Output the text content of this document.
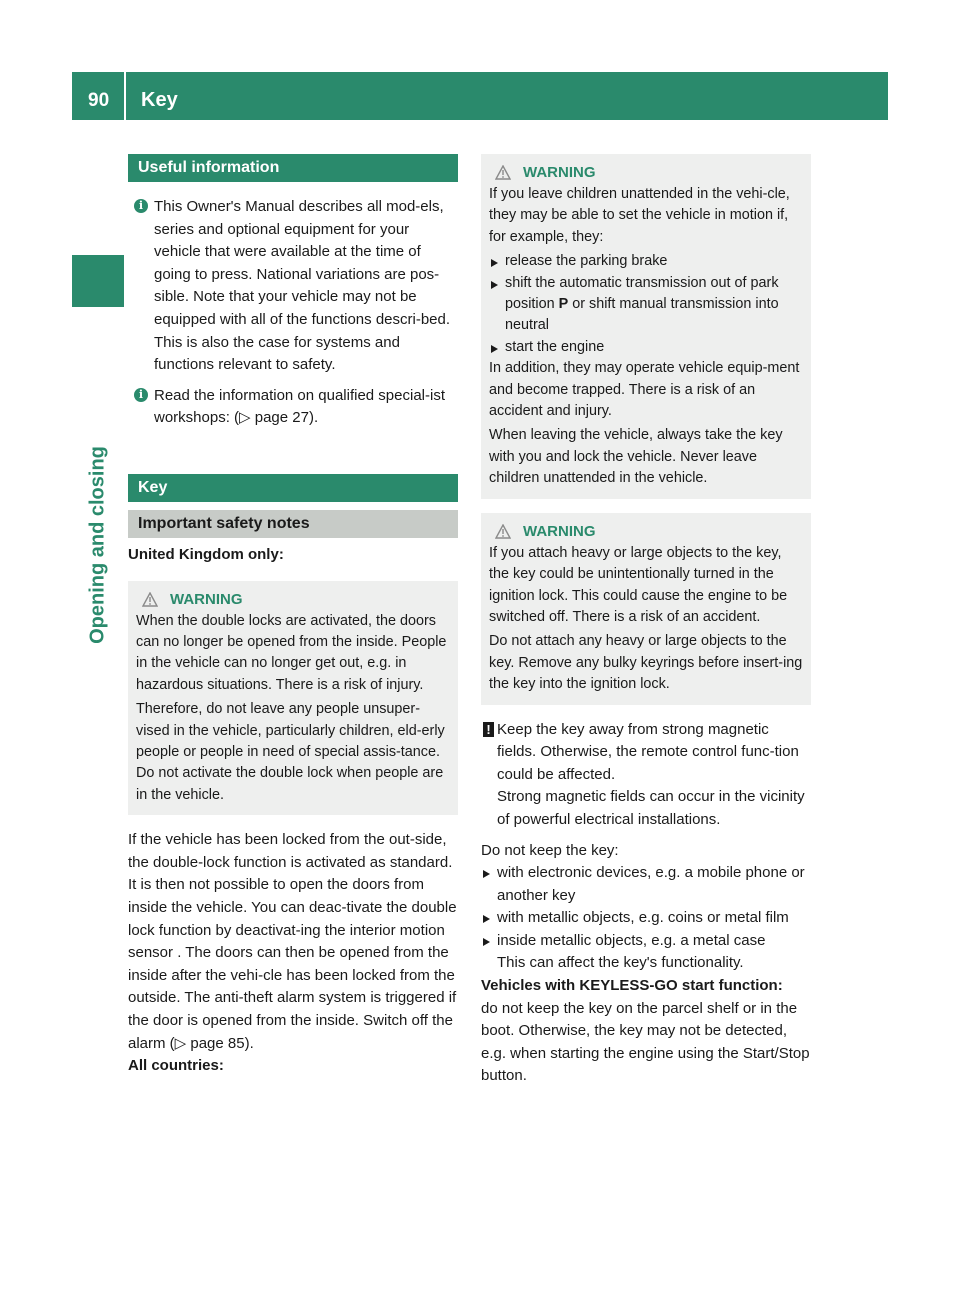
90 Key
Opening and closing
Useful information
i This Owner's Manual describes all mod-els, series and optional equipment for your vehicle that were available at the time of going to press. National variations are pos-sible. Note that your vehicle may not be equipped with all of the functions descri-bed. This is also the case for systems and functions relevant to safety.
i Read the information on qualified special-ist workshops: (▷ page 27).
Key
Important safety notes

United Kingdom only:

WARNING

When the double locks are activated, the doors can no longer be opened from the inside. People in the vehicle can no longer get out, e.g. in hazardous situations. There is a risk of injury.

Therefore, do not leave any people unsuper-vised in the vehicle, particularly children, eld-erly people or people in need of special assis-tance. Do not activate the double lock when people are in the vehicle.

If the vehicle has been locked from the out-side, the double-lock function is activated as standard. It is then not possible to open the doors from inside the vehicle. You can deac-tivate the double lock function by deactivat-ing the interior motion sensor . The doors can then be opened from the inside after the vehi-cle has been locked from the outside. The anti-theft alarm system is triggered if the door is opened from the inside. Switch off the alarm (▷ page 85).

All countries:

WARNING

If you leave children unattended in the vehi-cle, they may be able to set the vehicle in motion if, for example, they:

release the parking brake
shift the automatic transmission out of park position P or shift manual transmission into neutral
start the engine

In addition, they may operate vehicle equip-ment and become trapped. There is a risk of an accident and injury.

When leaving the vehicle, always take the key with you and lock the vehicle. Never leave children unattended in the vehicle.

WARNING

If you attach heavy or large objects to the key, the key could be unintentionally turned in the ignition lock. This could cause the engine to be switched off. There is a risk of an accident.

Do not attach any heavy or large objects to the key. Remove any bulky keyrings before insert-ing the key into the ignition lock.

! Keep the key away from strong magnetic fields. Otherwise, the remote control func-tion could be affected.

Strong magnetic fields can occur in the vicinity of powerful electrical installations.

Do not keep the key:

with electronic devices, e.g. a mobile phone or another key
with metallic objects, e.g. coins or metal film
inside metallic objects, e.g. a metal case

This can affect the key's functionality.

Vehicles with KEYLESS-GO start function:

do not keep the key on the parcel shelf or in the boot. Otherwise, the key may not be detected, e.g. when starting the engine using the Start/Stop button.
